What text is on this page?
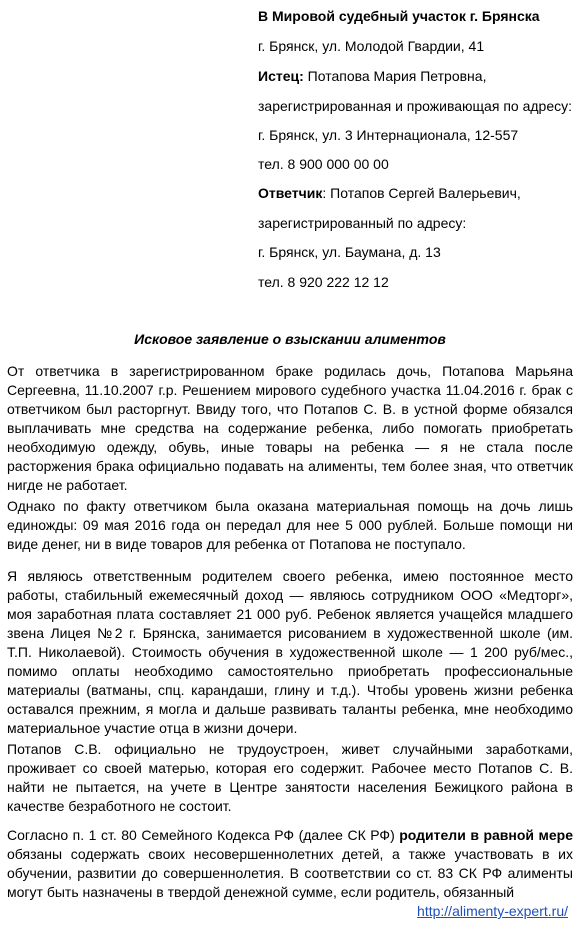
В Мировой судебный участок г. Брянска
г. Брянск, ул. Молодой Гвардии, 41
Истец: Потапова Мария Петровна,
зарегистрированная и проживающая по адресу:
г. Брянск, ул. 3 Интернационала, 12-557
тел. 8 900 000 00 00
Ответчик: Потапов Сергей Валерьевич,
зарегистрированный по адресу:
г. Брянск, ул. Баумана, д. 13
тел. 8 920 222 12 12
Исковое заявление о взыскании алиментов

От ответчика в зарегистрированном браке родилась дочь, Потапова Марьяна Сергеевна, 11.10.2007 г.р. Решением мирового судебного участка 11.04.2016 г. брак с ответчиком был расторгнут. Ввиду того, что Потапов С. В. в устной форме обязался выплачивать мне средства на содержание ребенка, либо помогать приобретать необходимую одежду, обувь, иные товары на ребенка — я не стала после расторжения брака официально подавать на алименты, тем более зная, что ответчик нигде не работает.

Однако по факту ответчиком была оказана материальная помощь на дочь лишь единожды: 09 мая 2016 года он передал для нее 5 000 рублей. Больше помощи ни виде денег, ни в виде товаров для ребенка от Потапова не поступало.

Я являюсь ответственным родителем своего ребенка, имею постоянное место работы, стабильный ежемесячный доход — являюсь сотрудником ООО «Медторг», моя заработная плата составляет 21 000 руб. Ребенок является учащейся младшего звена Лицея №2 г. Брянска, занимается рисованием в художественной школе (им. Т.П. Николаевой). Стоимость обучения в художественной школе — 1 200 руб/мес., помимо оплаты необходимо самостоятельно приобретать профессиональные материалы (ватманы, спц. карандаши, глину и т.д.). Чтобы уровень жизни ребенка оставался прежним, я могла и дальше развивать таланты ребенка, мне необходимо материальное участие отца в жизни дочери.

Потапов С.В. официально не трудоустроен, живет случайными заработками, проживает со своей матерью, которая его содержит. Рабочее место Потапов С. В. найти не пытается, на учете в Центре занятости населения Бежицкого района в качестве безработного не состоит.

Согласно п. 1 ст. 80 Семейного Кодекса РФ (далее СК РФ) родители в равной мере обязаны содержать своих несовершеннолетних детей, а также участвовать в их обучении, развитии до совершеннолетия. В соответствии со ст. 83 СК РФ алименты могут быть назначены в твердой денежной сумме, если родитель, обязанный

http://alimenty-expert.ru/
